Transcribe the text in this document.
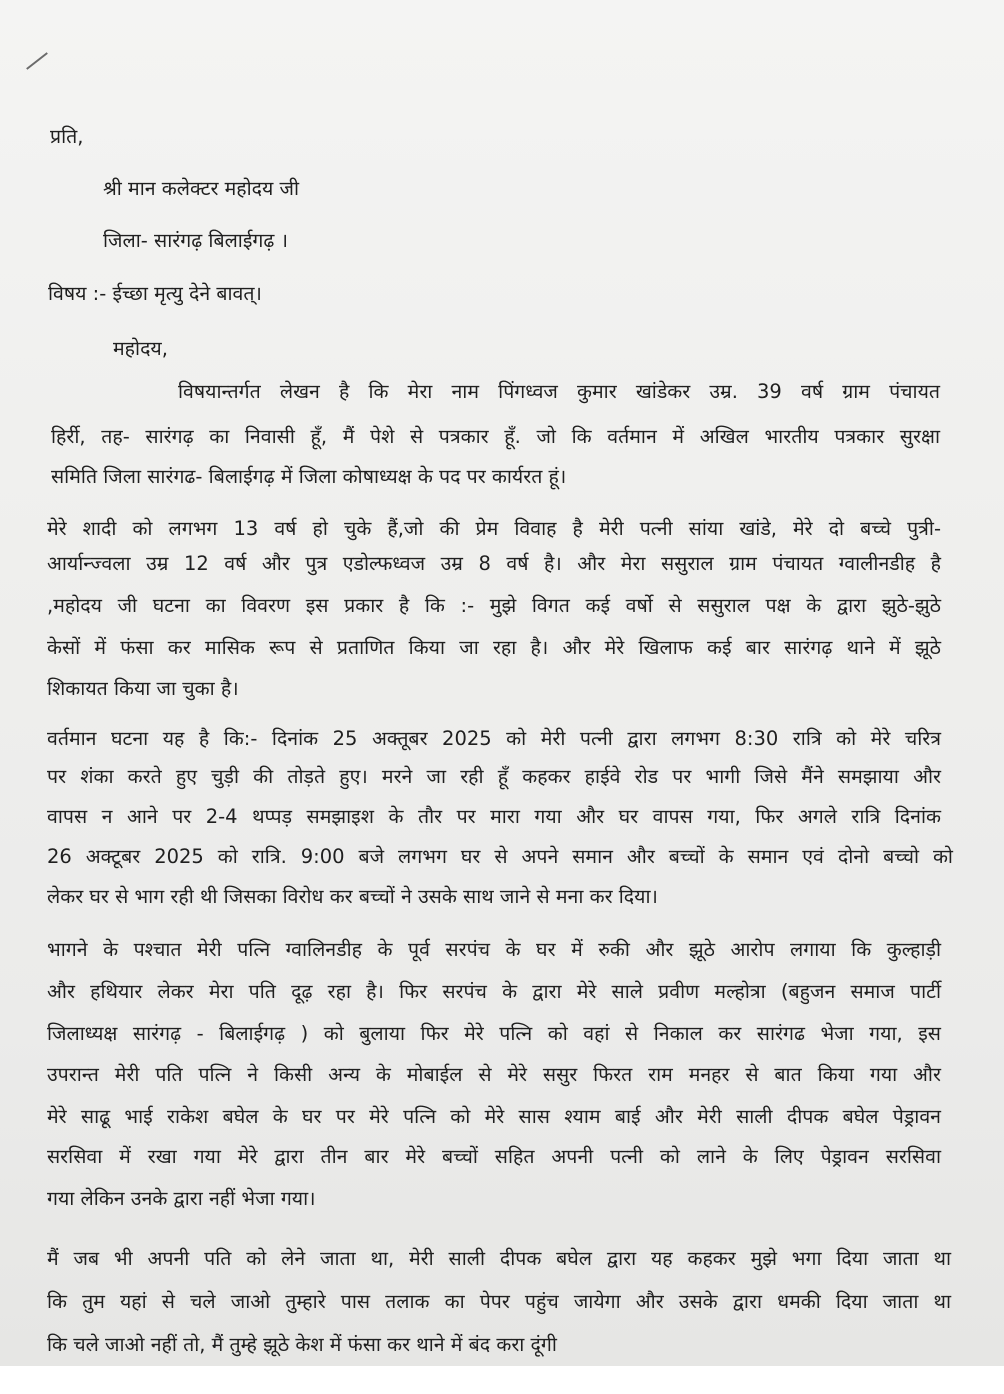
प्रति,

श्री मान कलेक्टर महोदय जी

जिला- सारंगढ़ बिलाईगढ़ ।

विषय :- ईच्छा मृत्यु देने बावत्।

महोदय,

विषयान्तर्गत लेखन है कि मेरा नाम पिंगध्वज कुमार खांडेकर उम्र. 39 वर्ष ग्राम पंचायत

हिर्री, तह- सारंगढ़ का निवासी हूँ, मैं पेशे से पत्रकार हूँ. जो कि वर्तमान में अखिल भारतीय पत्रकार सुरक्षा

समिति जिला सारंगढ- बिलाईगढ़ में जिला कोषाध्यक्ष के पद पर कार्यरत हूं।

मेरे शादी को लगभग 13 वर्ष हो चुके हैं,जो की प्रेम विवाह है मेरी पत्नी सांया खांडे, मेरे दो बच्चे पुत्री-

आर्यान्ज्वला उम्र 12 वर्ष और पुत्र एडोल्फध्वज उम्र 8 वर्ष है। और मेरा ससुराल ग्राम पंचायत ग्वालीनडीह है

,महोदय जी घटना का विवरण इस प्रकार है कि :- मुझे विगत कई वर्षो से ससुराल पक्ष के द्वारा झुठे-झुठे

केसों में फंसा कर मासिक रूप से प्रताणित किया जा रहा है। और मेरे खिलाफ कई बार सारंगढ़ थाने में झूठे

शिकायत किया जा चुका है।

वर्तमान घटना यह है कि:- दिनांक 25 अक्तूबर 2025 को मेरी पत्नी द्वारा लगभग 8:30 रात्रि को मेरे चरित्र

पर शंका करते हुए चुड़ी की तोड़ते हुए। मरने जा रही हूँ कहकर हाईवे रोड पर भागी जिसे मैंने समझाया और

वापस न आने पर 2-4 थप्पड़ समझाइश के तौर पर मारा गया और घर वापस गया, फिर अगले रात्रि दिनांक

26 अक्टूबर 2025 को रात्रि. 9:00 बजे लगभग घर से अपने समान और बच्चों के समान एवं दोनो बच्चो को

लेकर घर से भाग रही थी जिसका विरोध कर बच्चों ने उसके साथ जाने से मना कर दिया।

भागने के पश्चात मेरी पत्नि ग्वालिनडीह के पूर्व सरपंच के घर में रुकी और झूठे आरोप लगाया कि कुल्हाड़ी

और हथियार लेकर मेरा पति दूढ़ रहा है। फिर सरपंच के द्वारा मेरे साले प्रवीण मल्होत्रा (बहुजन समाज पार्टी

जिलाध्यक्ष सारंगढ़ - बिलाईगढ़ ) को बुलाया फिर मेरे पत्नि को वहां से निकाल कर सारंगढ भेजा गया, इस

उपरान्त मेरी पति पत्नि ने किसी अन्य के मोबाईल से मेरे ससुर फिरत राम मनहर से बात किया गया और

मेरे साढू भाई राकेश बघेल के घर पर मेरे पत्नि को मेरे सास श्याम बाई और मेरी साली दीपक बघेल पेड्रावन

सरसिवा में रखा गया मेरे द्वारा तीन बार मेरे बच्चों सहित अपनी पत्नी को लाने के लिए पेड्रावन सरसिवा

गया लेकिन उनके द्वारा नहीं भेजा गया।

मैं जब भी अपनी पति को लेने जाता था, मेरी साली दीपक बघेल द्वारा यह कहकर मुझे भगा दिया जाता था

कि तुम यहां से चले जाओ तुम्हारे पास तलाक का पेपर पहुंच जायेगा और उसके द्वारा धमकी दिया जाता था

कि चले जाओ नहीं तो, मैं तुम्हे झूठे केश में फंसा कर थाने में बंद करा दूंगी
